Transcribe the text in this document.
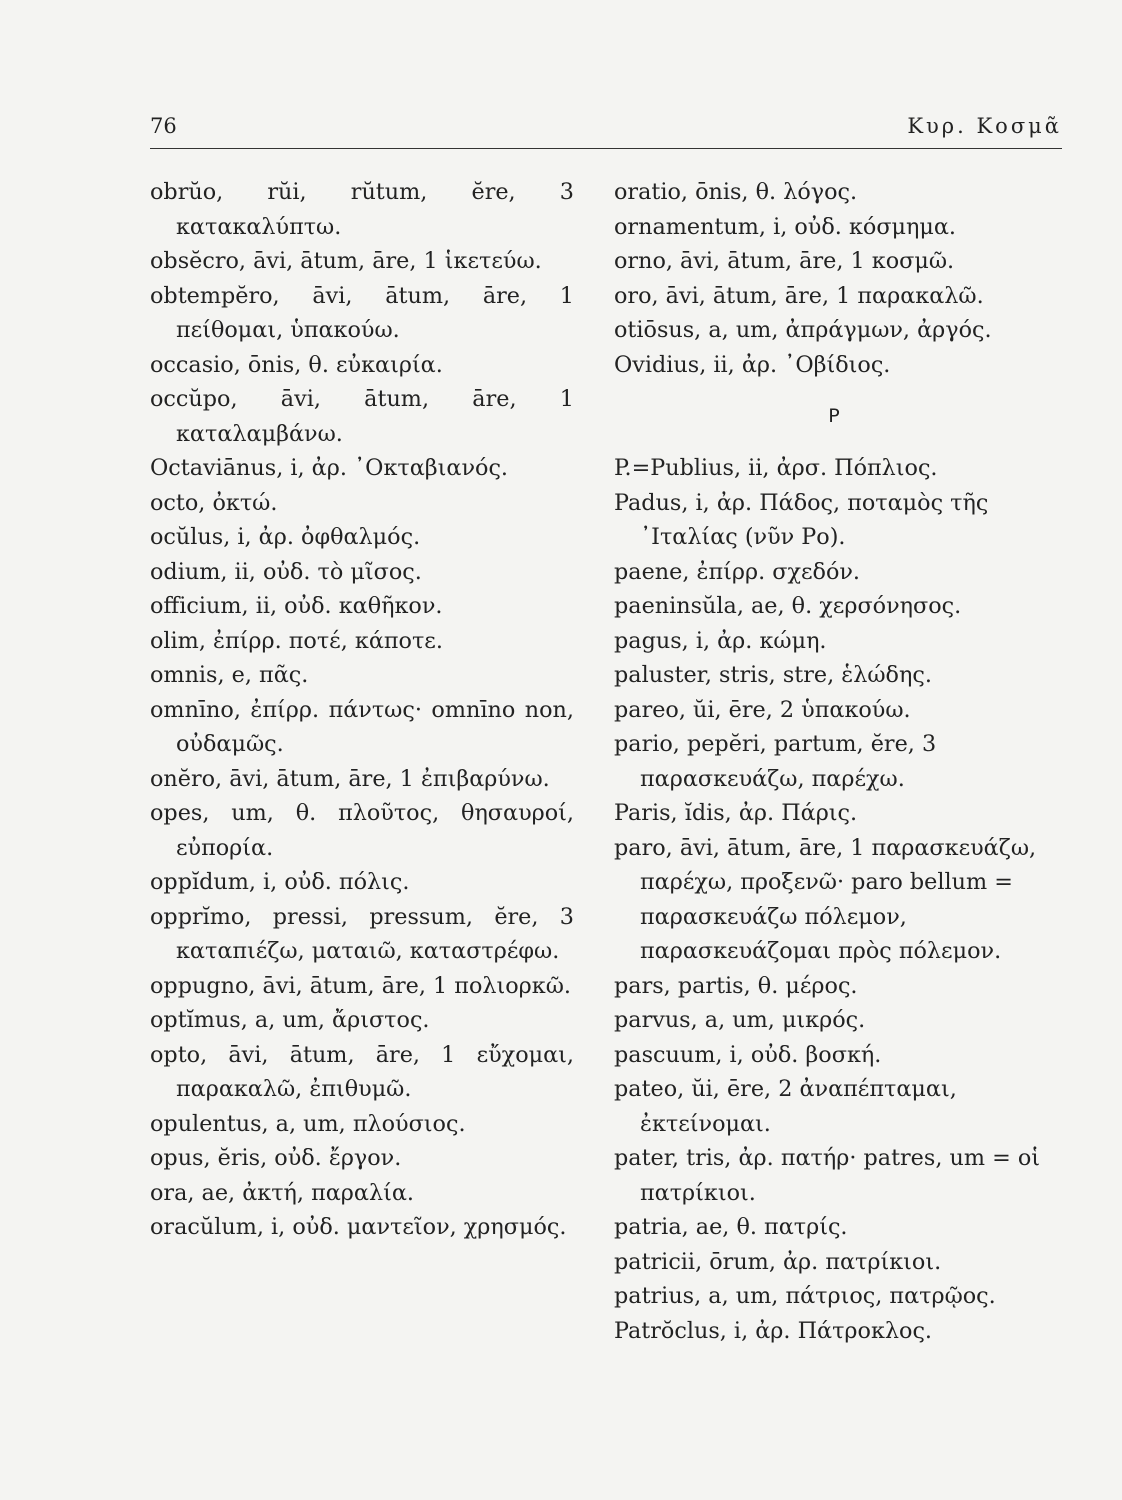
76	Κυρ. Κοσμᾶ
obrŭo, rŭi, rŭtum, ĕre, 3 κατακαλύπτω.
obsĕcro, āvi, ātum, āre, 1 ἱκετεύω.
obtempĕro, āvi, ātum, āre, 1 πείθομαι, ὑπακούω.
occasio, ōnis, θ. εὐκαιρία.
occŭpo, āvi, ātum, āre, 1 καταλαμβάνω.
Octaviānus, i, ἀρ. ᾿Οκταβιανός.
octo, ὀκτώ.
ocŭlus, i, ἀρ. ὀφθαλμός.
odium, ii, οὐδ. τὸ μῖσος.
officium, ii, οὐδ. καθῆκον.
olim, ἐπίρρ. ποτέ, κάποτε.
omnis, e, πᾶς.
omnīno, ἐπίρρ. πάντως· omnīno non, οὐδαμῶς.
onĕro, āvi, ātum, āre, 1 ἐπιβαρύνω.
opes, um, θ. πλοῦτος, θησαυροί, εὐπορία.
oppĭdum, i, οὐδ. πόλις.
opprĭmo, pressi, pressum, ĕre, 3 καταπιέζω, ματαιῶ, καταστρέφω.
oppugno, āvi, ātum, āre, 1 πολιορκῶ.
optĭmus, a, um, ἄριστος.
opto, āvi, ātum, āre, 1 εὔχομαι, παρακαλῶ, ἐπιθυμῶ.
opulentus, a, um, πλούσιος.
opus, ĕris, οὐδ. ἔργον.
ora, ae, ἀκτή, παραλία.
oracŭlum, i, οὐδ. μαντεῖον, χρησμός.
oratio, ōnis, θ. λόγος.
ornamentum, i, οὐδ. κόσμημα.
orno, āvi, ātum, āre, 1 κοσμῶ.
oro, āvi, ātum, āre, 1 παρακαλῶ.
otiōsus, a, um, ἀπράγμων, ἀργός.
Ovidius, ii, ἀρ. ᾿Οβίδιος.
P
P.=Publius, ii, ἀρσ. Πόπλιος.
Padus, i, ἀρ. Πάδος, ποταμὸς τῆς ᾿Ιταλίας (νῦν Ρο).
paene, ἐπίρρ. σχεδόν.
paeninsŭla, ae, θ. χερσόνησος.
pagus, i, ἀρ. κώμη.
paluster, stris, stre, ἑλώδης.
pareo, ŭi, ēre, 2 ὑπακούω.
pario, pepĕri, partum, ĕre, 3 παρασκευάζω, παρέχω.
Paris, ĭdis, ἀρ. Πάρις.
paro, āvi, ātum, āre, 1 παρασκευάζω, παρέχω, προξενῶ· paro bellum = παρασκευάζω πόλεμον, παρασκευάζομαι πρὸς πόλεμον.
pars, partis, θ. μέρος.
parvus, a, um, μικρός.
pascuum, i, οὐδ. βοσκή.
pateo, ŭi, ēre, 2 ἀναπέπταμαι, ἐκτείνομαι.
pater, tris, ἀρ. πατήρ· patres, um = οἱ πατρίκιοι.
patria, ae, θ. πατρίς.
patricii, ōrum, ἀρ. πατρίκιοι.
patrius, a, um, πάτριος, πατρῷος.
Patrŏclus, i, ἀρ. Πάτροκλος.
